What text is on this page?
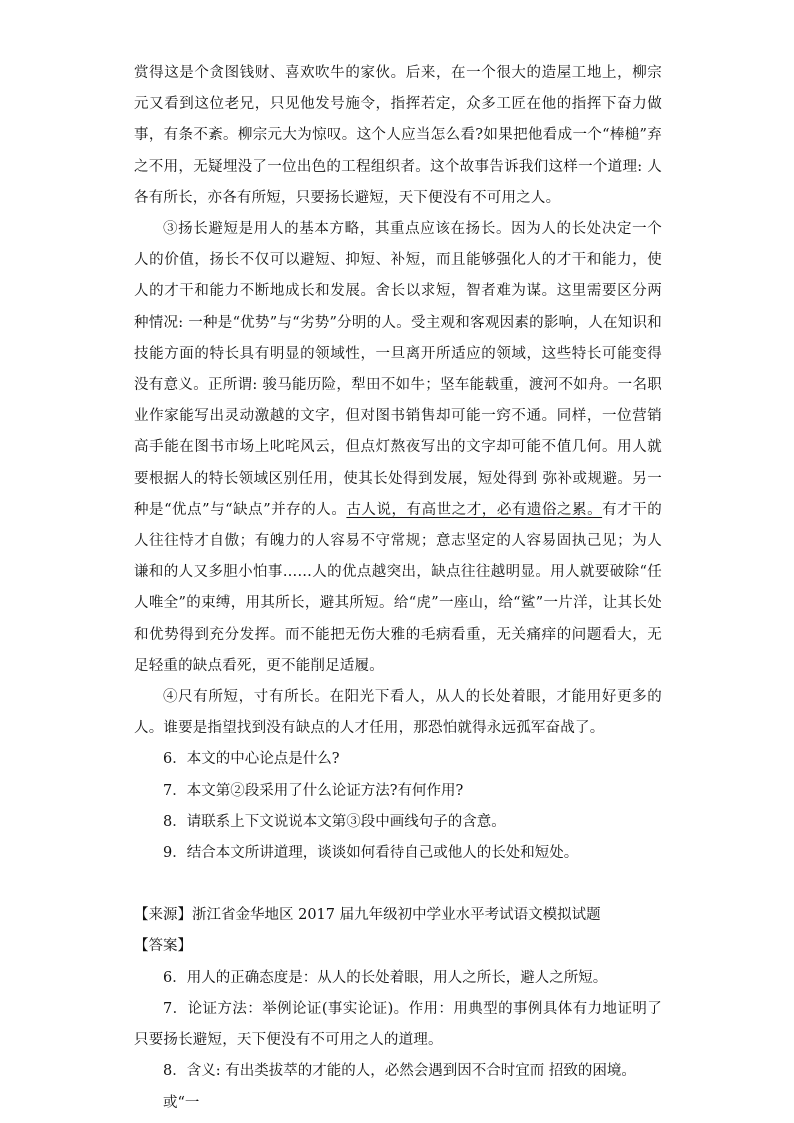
赏得这是个贪图钱财、喜欢吹牛的家伙。后来，在一个很大的造屋工地上，柳宗元又看到这位老兄，只见他发号施令，指挥若定，众多工匠在他的指挥下奋力做事，有条不紊。柳宗元大为惊叹。这个人应当怎么看?如果把他看成一个“棒槌”弃之不用，无疑埋没了一位出色的工程组织者。这个故事告诉我们这样一个道理: 人各有所长，亦各有所短，只要扬长避短，天下便没有不可用之人。

③扬长避短是用人的基本方略，其重点应该在扬长。因为人的长处决定一个人的价值，扬长不仅可以避短、抑短、补短，而且能够强化人的才干和能力，使人的才干和能力不断地成长和发展。舍长以求短，智者难为谋。这里需要区分两种情况: 一种是“优势”与“劣势”分明的人。受主观和客观因素的影响，人在知识和技能方面的特长具有明显的领域性，一旦离开所适应的领域，这些特长可能变得没有意义。正所谓: 骏马能历险，犁田不如牛；坚车能载重，渡河不如舟。一名职业作家能写出灵动激越的文字，但对图书销售却可能一窍不通。同样，一位营销高手能在图书市场上叱咤风云，但点灯熬夜写出的文字却可能不值几何。用人就要根据人的特长领域区别任用，使其长处得到发展，短处得到 弥补或规避。另一种是“优点”与“缺点”并存的人。古人说，有高世之才，必有遗俗之累。有才干的人往往恃才自傲；有魄力的人容易不守常规；意志坚定的人容易固执己见；为人谦和的人又多胆小怕事……人的优点越突出，缺点往往越明显。用人就要破除“任人唯全”的束缚，用其所长，避其所短。给“虎”一座山，给“鲨”一片洋，让其长处和优势得到充分发挥。而不能把无伤大雅的毛病看重，无关痛痒的问题看大，无足轻重的缺点看死，更不能削足适履。

④尺有所短，寸有所长。在阳光下看人，从人的长处着眼，才能用好更多的人。谁要是指望找到没有缺点的人才任用，那恐怕就得永远孤军奋战了。

6．本文的中心论点是什么?

7．本文第②段采用了什么论证方法?有何作用?

8．请联系上下文说说本文第③段中画线句子的含意。

9．结合本文所讲道理，谈谈如何看待自己或他人的长处和短处。

【来源】浙江省金华地区 2017 届九年级初中学业水平考试语文模拟试题

【答案】

6．用人的正确态度是：从人的长处着眼，用人之所长，避人之所短。

7．论证方法：举例论证(事实论证)。作用：用典型的事例具体有力地证明了只要扬长避短，天下便没有不可用之人的道理。

8．含义: 有出类拔萃的才能的人，必然会遇到因不合时宜而 招致的困境。或“一
